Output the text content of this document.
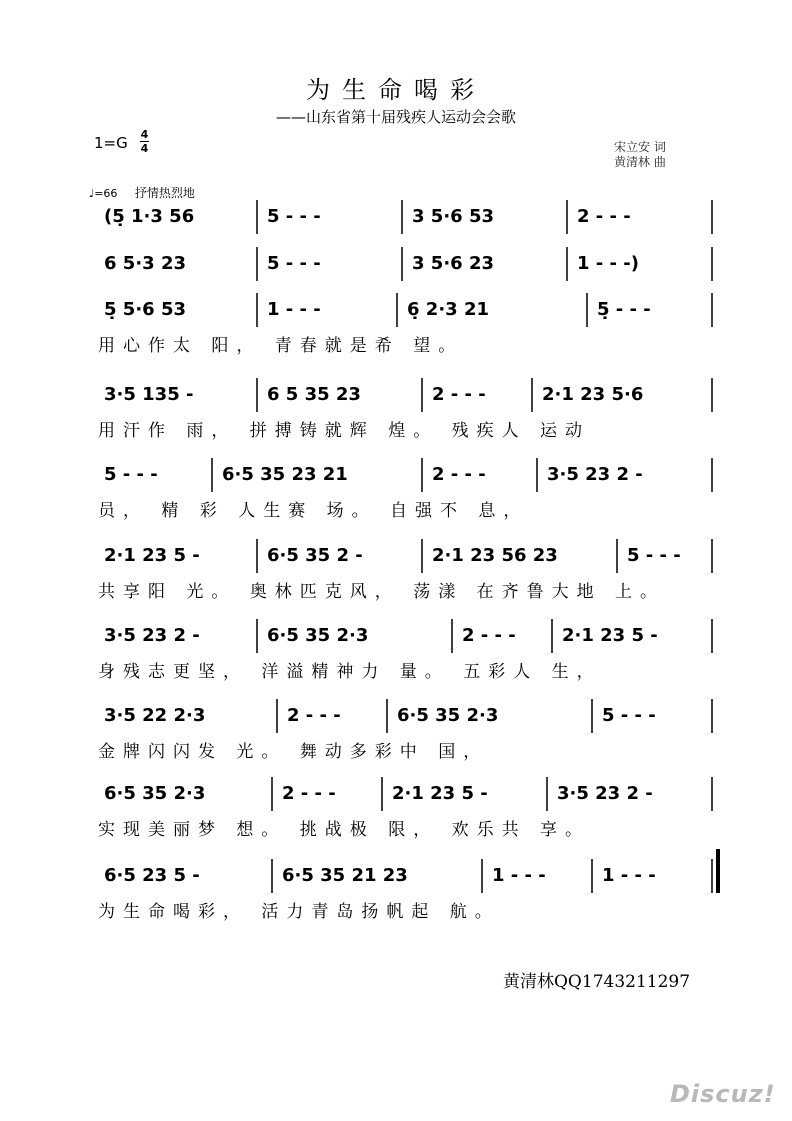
为生命喝彩
——山东省第十届残疾人运动会会歌
1=G 4
4	宋立安 词
黄清林 曲
♩=66 抒情热烈地
(5̣ 1·3 56	5 - - -	3 5·6 53	2 - - -
6 5·3 23	5 - - -	3 5·6 23	1 - - -)
5̣ 5·6 53	1 - - -	6̣ 2·3 21	5̣ - - -
用心作太 阳， 青春就是希 望。
3·5 135 -	6 5 35 23	2 - - -	2·1 23 5·6
用汗作 雨， 拼搏铸就辉 煌。 残疾人 运动
5 - - -	6·5 35 23 21	2 - - -	3·5 23 2 -
员， 精 彩 人生赛 场。 自强不 息，
2·1 23 5 -	6·5 35 2 -	2·1 23 56 23	5 - - -
共享阳 光。 奥林匹克风， 荡漾 在齐鲁大地 上。
3·5 23 2 -	6·5 35 2·3	2 - - -	2·1 23 5 -
身残志更坚， 洋溢精神力 量。 五彩人 生，
3·5 22 2·3	2 - - -	6·5 35 2·3	5 - - -
金牌闪闪发 光。 舞动多彩中 国，
6·5 35 2·3	2 - - -	2·1 23 5 -	3·5 23 2 -
实现美丽梦 想。 挑战极 限， 欢乐共 享。
6·5 23 5 -	6·5 35 21 23	1 - - -	1 - - -
为生命喝彩， 活力青岛扬帆起 航。
黄清林QQ1743211297
Discuz!
